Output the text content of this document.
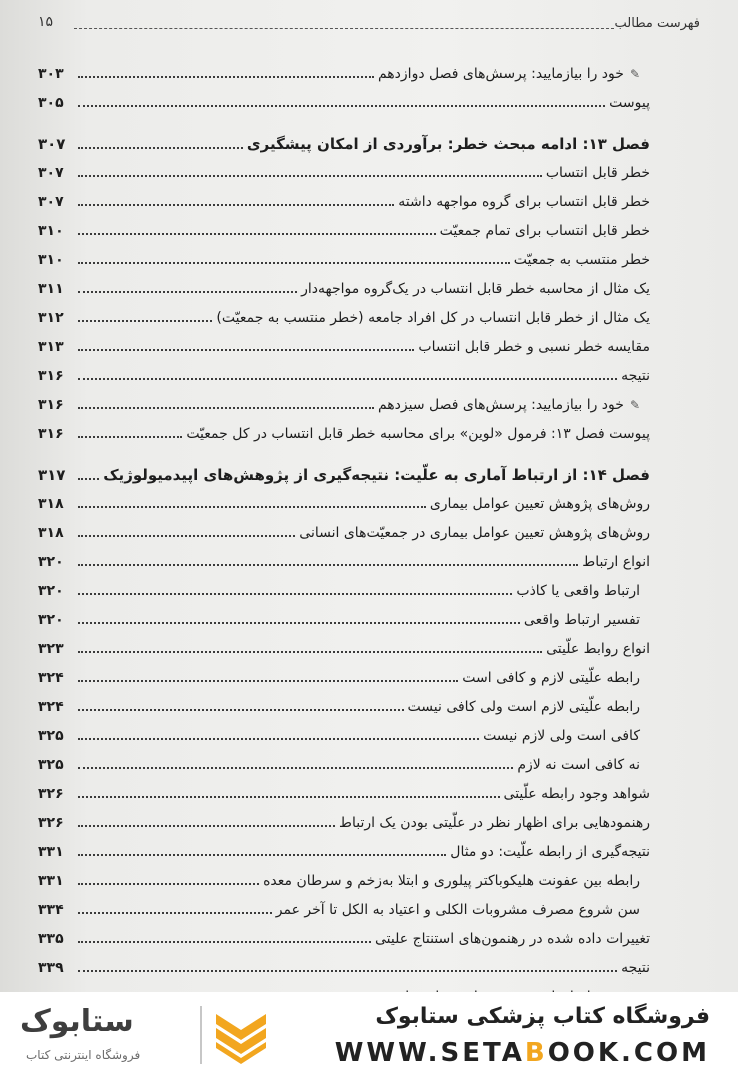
فهرست مطالب
۱۵
✎خود را بیازمایید: پرسش‌های فصل دوازدهم
۳۰۳
پیوست
۳۰۵
فصل ۱۳: ادامه مبحث خطر: برآوردی از امکان پیشگیری
۳۰۷
خطر قابل انتساب
۳۰۷
خطر قابل انتساب برای گروه مواجهه داشته
۳۰۷
خطر قابل انتساب برای تمام جمعیّت
۳۱۰
خطر منتسب به جمعیّت
۳۱۰
یک مثال از محاسبه خطر قابل انتساب در یک‌گروه مواجهه‌دار
۳۱۱
یک مثال از خطر قابل انتساب در کل افراد جامعه (خطر منتسب به جمعیّت)
۳۱۲
مقایسه خطر نسبی و خطر قابل انتساب
۳۱۳
نتیجه
۳۱۶
✎خود را بیازمایید: پرسش‌های فصل سیزدهم
۳۱۶
پیوست فصل ۱۳: فرمول «لوین» برای محاسبه خطر قابل انتساب در کل جمعیّت
۳۱۶
فصل ۱۴: از ارتباط آماری به علّیت: نتیجه‌گیری از پژوهش‌های اپیدمیولوژیک
۳۱۷
روش‌های پژوهش تعیین عوامل بیماری
۳۱۸
روش‌های پژوهش تعیین عوامل بیماری در جمعیّت‌های انسانی
۳۱۸
انواع ارتباط
۳۲۰
ارتباط واقعی یا کاذب
۳۲۰
تفسیر ارتباط واقعی
۳۲۰
انواع روابط علّیتی
۳۲۳
رابطه علّیتی لازم و کافی است
۳۲۴
رابطه علّیتی لازم است ولی کافی نیست
۳۲۴
کافی است ولی لازم نیست
۳۲۵
نه کافی است نه لازم
۳۲۵
شواهد وجود رابطه علّیتی
۳۲۶
رهنمودهایی برای اظهار نظر در علّیتی بودن یک ارتباط
۳۲۶
نتیجه‌گیری از رابطه علّیت: دو مثال
۳۳۱
رابطه بین عفونت هلیکوباکتر پیلوری و ابتلا به‌زخم و سرطان معده
۳۳۱
سن شروع مصرف مشروبات الکلی و اعتیاد به الکل تا آخر عمر
۳۳۴
تغییرات داده شده در رهنمون‌های استنتاج علیتی
۳۳۵
نتیجه
۳۳۹
ستابوک
فروشگاه اینترنتی کتاب
فروشگاه کتاب پزشکی ستابوک
WWW.SETABOOK.COM
